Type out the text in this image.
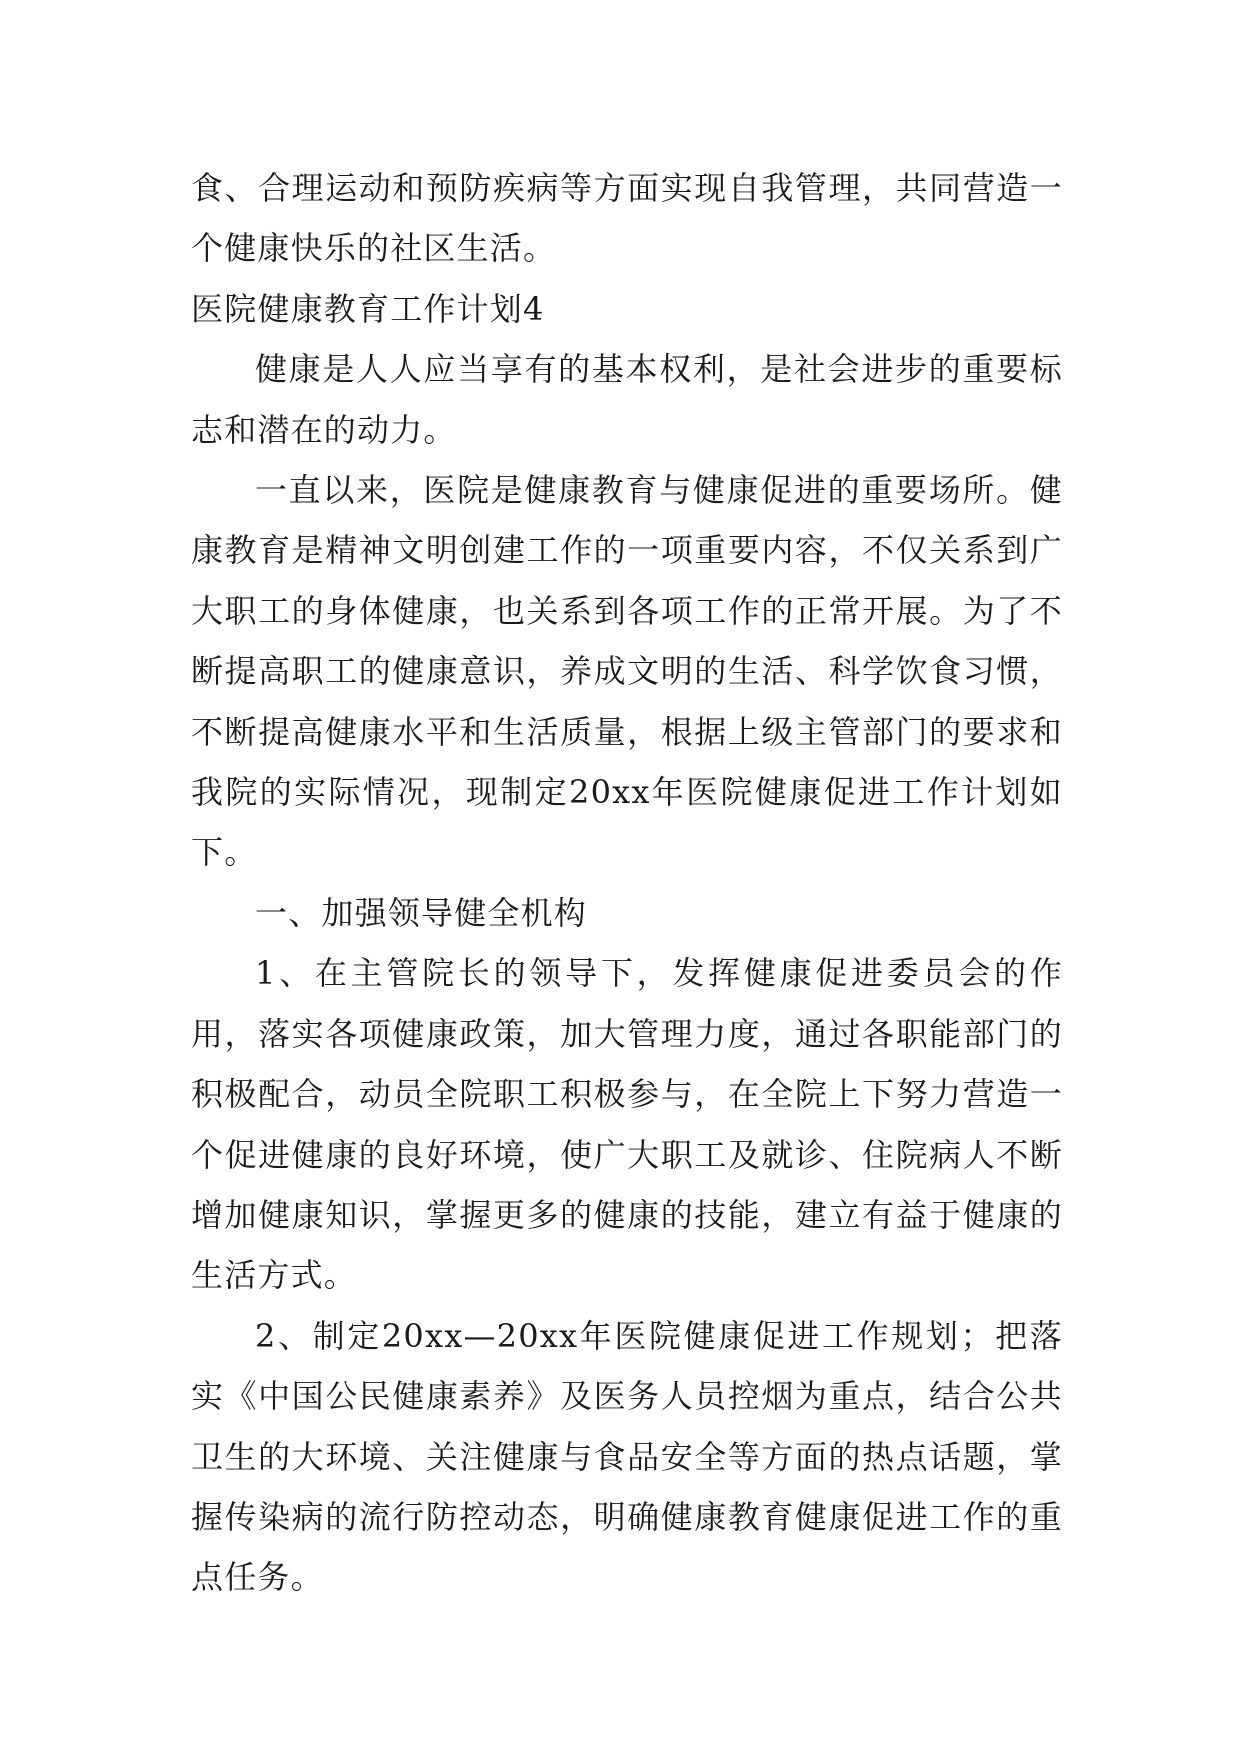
食、合理运动和预防疾病等方面实现自我管理，共同营造一个健康快乐的社区生活。

医院健康教育工作计划4

健康是人人应当享有的基本权利，是社会进步的重要标志和潜在的动力。

一直以来，医院是健康教育与健康促进的重要场所。健康教育是精神文明创建工作的一项重要内容，不仅关系到广大职工的身体健康，也关系到各项工作的正常开展。为了不断提高职工的健康意识，养成文明的生活、科学饮食习惯，不断提高健康水平和生活质量，根据上级主管部门的要求和我院的实际情况，现制定20xx年医院健康促进工作计划如下。

一、加强领导健全机构

1、在主管院长的领导下，发挥健康促进委员会的作用，落实各项健康政策，加大管理力度，通过各职能部门的积极配合，动员全院职工积极参与，在全院上下努力营造一个促进健康的良好环境，使广大职工及就诊、住院病人不断增加健康知识，掌握更多的健康的技能，建立有益于健康的生活方式。

2、制定20xx—20xx年医院健康促进工作规划；把落实《中国公民健康素养》及医务人员控烟为重点，结合公共卫生的大环境、关注健康与食品安全等方面的热点话题，掌握传染病的流行防控动态，明确健康教育健康促进工作的重点任务。
